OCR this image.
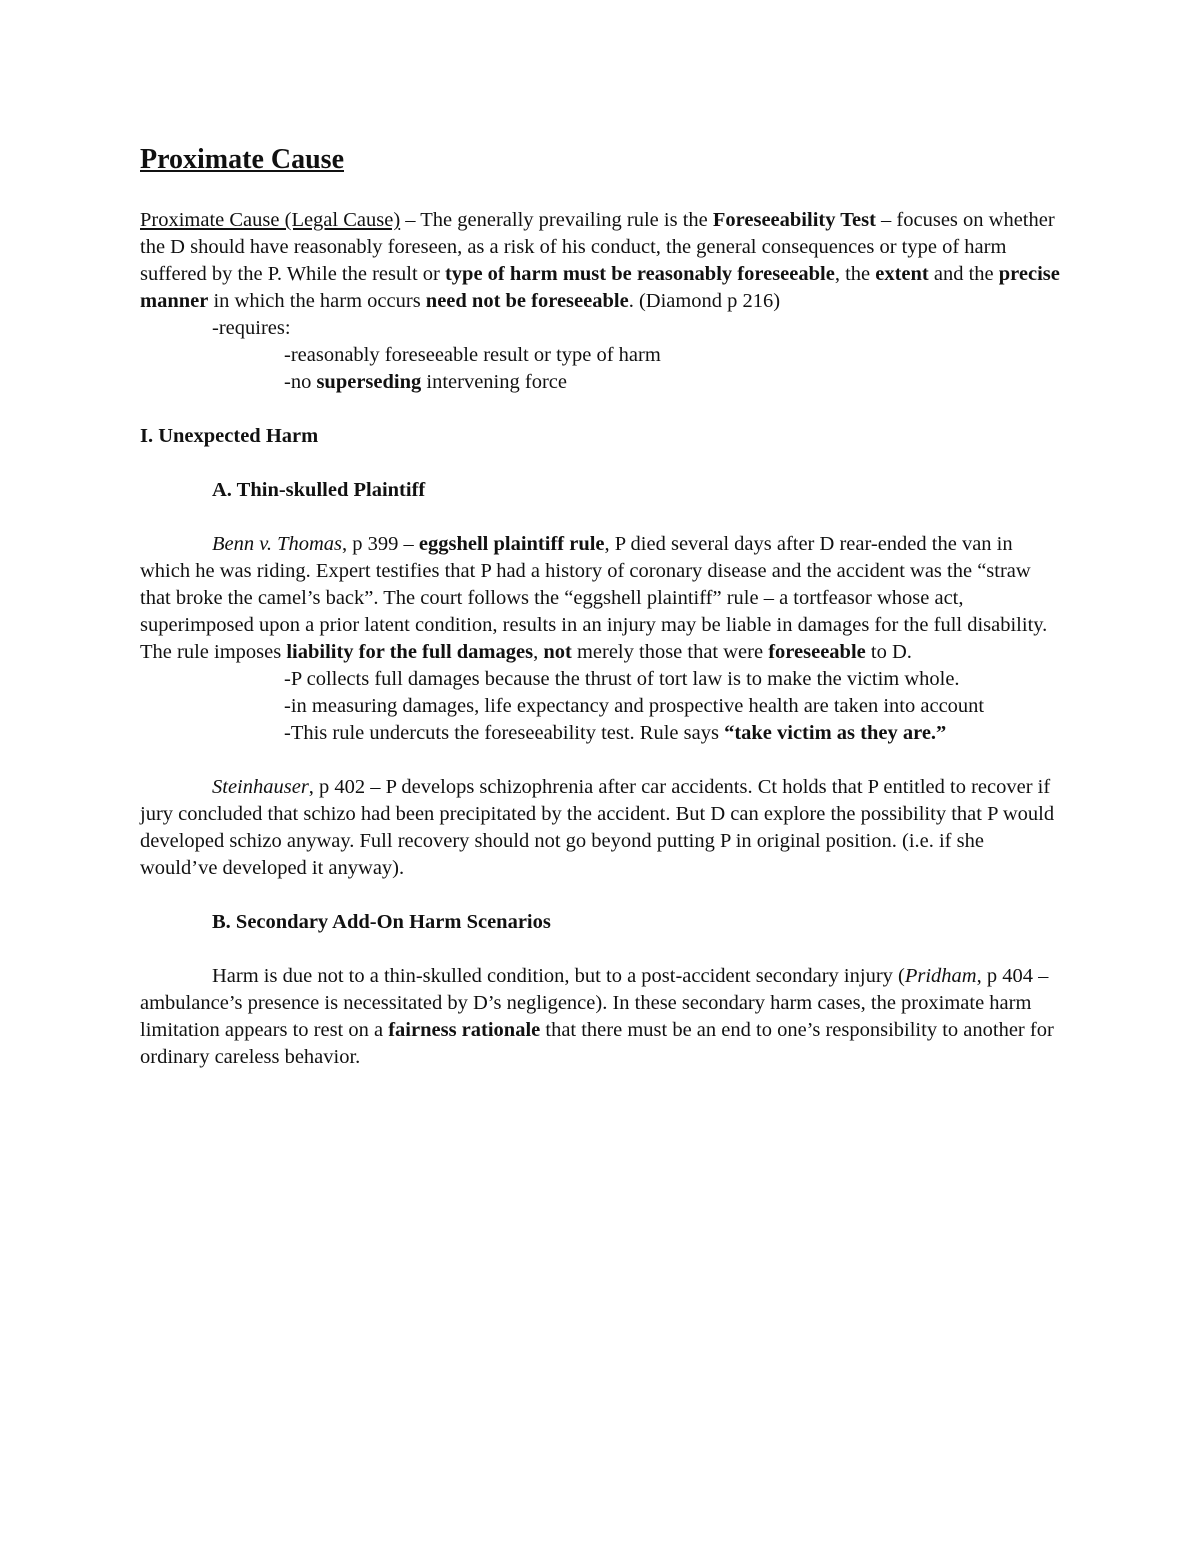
Proximate Cause

Proximate Cause (Legal Cause) – The generally prevailing rule is the Foreseeability Test – focuses on whether the D should have reasonably foreseen, as a risk of his conduct, the general consequences or type of harm suffered by the P. While the result or type of harm must be reasonably foreseeable, the extent and the precise manner in which the harm occurs need not be foreseeable. (Diamond p 216)

-requires:

-reasonably foreseeable result or type of harm

-no superseding intervening force

I. Unexpected Harm

A. Thin-skulled Plaintiff

Benn v. Thomas, p 399 – eggshell plaintiff rule, P died several days after D rear-ended the van in which he was riding. Expert testifies that P had a history of coronary disease and the accident was the “straw that broke the camel’s back”. The court follows the “eggshell plaintiff” rule – a tortfeasor whose act, superimposed upon a prior latent condition, results in an injury may be liable in damages for the full disability. The rule imposes liability for the full damages, not merely those that were foreseeable to D.

-P collects full damages because the thrust of tort law is to make the victim whole.

-in measuring damages, life expectancy and prospective health are taken into account

-This rule undercuts the foreseeability test. Rule says “take victim as they are.”

Steinhauser, p 402 – P develops schizophrenia after car accidents. Ct holds that P entitled to recover if jury concluded that schizo had been precipitated by the accident. But D can explore the possibility that P would developed schizo anyway. Full recovery should not go beyond putting P in original position. (i.e. if she would’ve developed it anyway).

B. Secondary Add-On Harm Scenarios

Harm is due not to a thin-skulled condition, but to a post-accident secondary injury (Pridham, p 404 – ambulance’s presence is necessitated by D’s negligence). In these secondary harm cases, the proximate harm limitation appears to rest on a fairness rationale that there must be an end to one’s responsibility to another for ordinary careless behavior.
